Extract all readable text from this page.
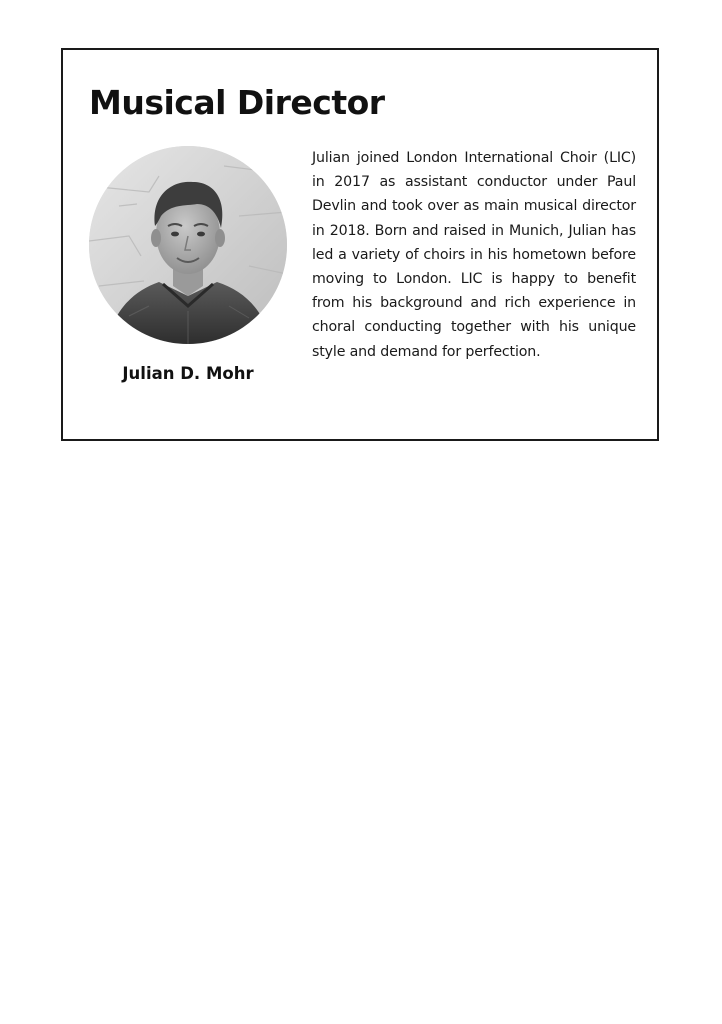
Musical Director
Julian D. Mohr

Julian joined London International Choir (LIC) in 2017 as assistant conductor under Paul Devlin and took over as main musical director in 2018. Born and raised in Munich, Julian has led a variety of choirs in his hometown before moving to London. LIC is happy to benefit from his background and rich experience in choral conducting together with his unique style and demand for perfection.
